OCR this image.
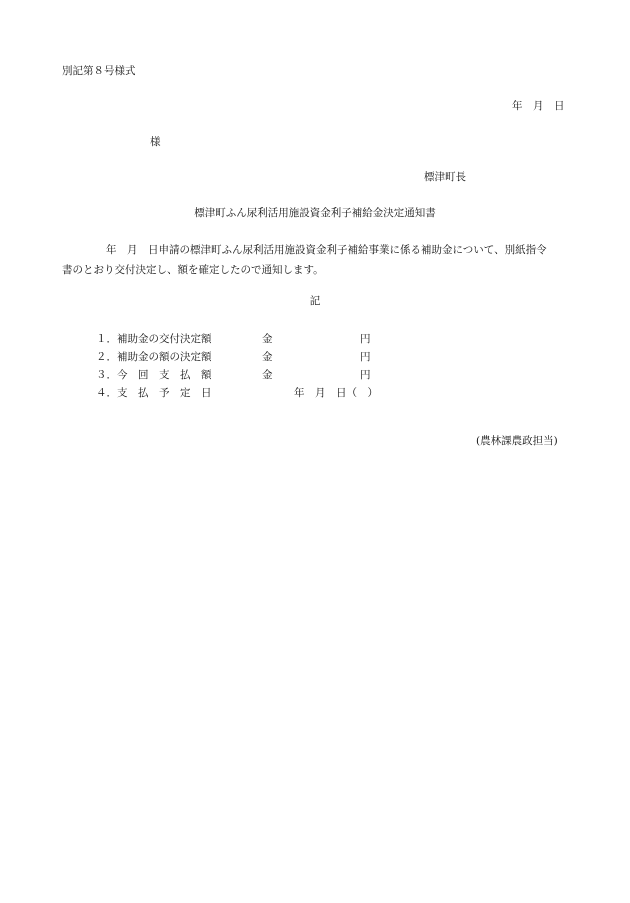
別記第８号様式
年　月　日
様
標津町長
標津町ふん尿利活用施設資金利子補給金決定通知書
年　月　日申請の標津町ふん尿利活用施設資金利子補給事業に係る補助金について、別紙指令
書のとおり交付決定し、額を確定したので通知します。
記
１．補助金の交付決定額	金	円
２．補助金の額の決定額	金	円
３．今　回　支　払　額	金	円
４．支　払　予　定　日	年　月　日（　）
(農林課農政担当)
